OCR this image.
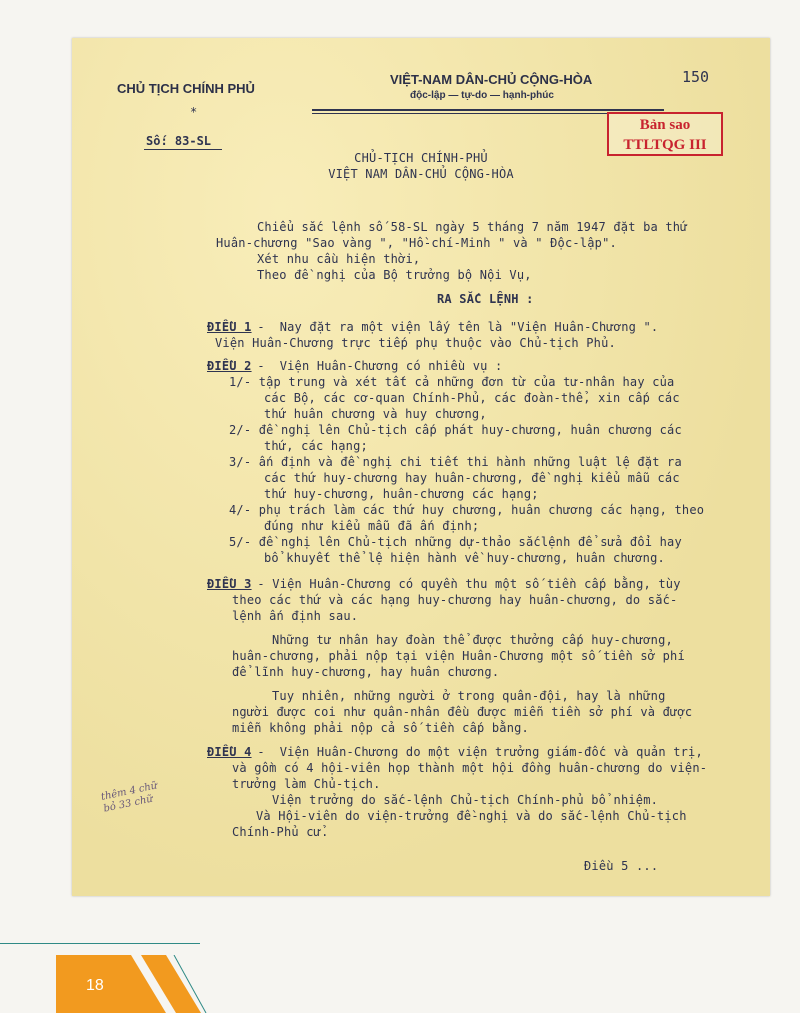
CHỦ TỊCH CHÍNH PHỦ
*
Số: 83-SL
VIỆT-NAM DÂN-CHỦ CỘNG-HÒA
độc-lập — tự-do — hạnh-phúc
150
Bản sao
TTLTQG III
CHỦ-TỊCH CHÍNH-PHỦ
VIỆT NAM DÂN-CHỦ CỘNG-HÒA
Chiểu sắc lệnh số 58-SL ngày 5 tháng 7 năm 1947 đặt ba thứ
Huân-chương "Sao vàng ", "Hồ-chí-Minh " và " Độc-lập".
Xét nhu cầu hiện thời,
Theo đề nghị của Bộ trưởng bộ Nội Vụ,
RA SẮC LỆNH :
ĐIỀU 1
-  Nay đặt ra một viện lấy tên là "Viện Huân-Chương ".
Viện Huân-Chương trực tiếp phụ thuộc vào Chủ-tịch Phủ.
ĐIỀU 2
-  Viện Huân-Chương có nhiều vụ :
1/- tập trung và xét tất cả những đơn từ của tư-nhân hay của
các Bộ, các cơ-quan Chính-Phủ, các đoàn-thể, xin cấp các
thứ huân chương và huy chương,
2/- đề nghị lên Chủ-tịch cấp phát huy-chương, huân chương các
thứ, các hạng;
3/- ấn định và đề nghị chi tiết thi hành những luật lệ đặt ra
các thứ huy-chương hay huân-chương, đề nghị kiểu mẫu các
thứ huy-chương, huân-chương các hạng;
4/- phụ trách làm các thứ huy chương, huân chương các hạng, theo
đúng như kiểu mẫu đã ấn định;
5/- đề nghị lên Chủ-tịch những dự-thảo sắclệnh để sửa đổi hay
bổ khuyết thể lệ hiện hành về huy-chương, huân chương.
ĐIỀU 3
- Viện Huân-Chương có quyền thu một số tiền cấp bằng, tùy
theo các thứ và các hạng huy-chương hay huân-chương, do sắc-
lệnh ấn định sau.
Những tư nhân hay đoàn thể được thưởng cấp huy-chương,
huân-chương, phải nộp tại viện Huân-Chương một số tiền sở phí
để lĩnh huy-chương, hay huân chương.
Tuy nhiên, những người ở trong quân-đội, hay là những
người được coi như quân-nhân đều được miễn tiền sở phí và được
miễn không phải nộp cả số tiền cấp bằng.
ĐIỀU 4
-  Viện Huân-Chương do một viện trưởng giám-đốc và quản trị,
và gồm có 4 hội-viên họp thành một hội đồng huân-chương do viện-
trưởng làm Chủ-tịch.
Viện trưởng do sắc-lệnh Chủ-tịch Chính-phủ bổ nhiệm.
Và Hội-viên do viện-trưởng đề-nghị và do sắc-lệnh Chủ-tịch
Chính-Phủ cử.
Điều 5 ...
thêm 4 chữ
bỏ 33 chữ
18
